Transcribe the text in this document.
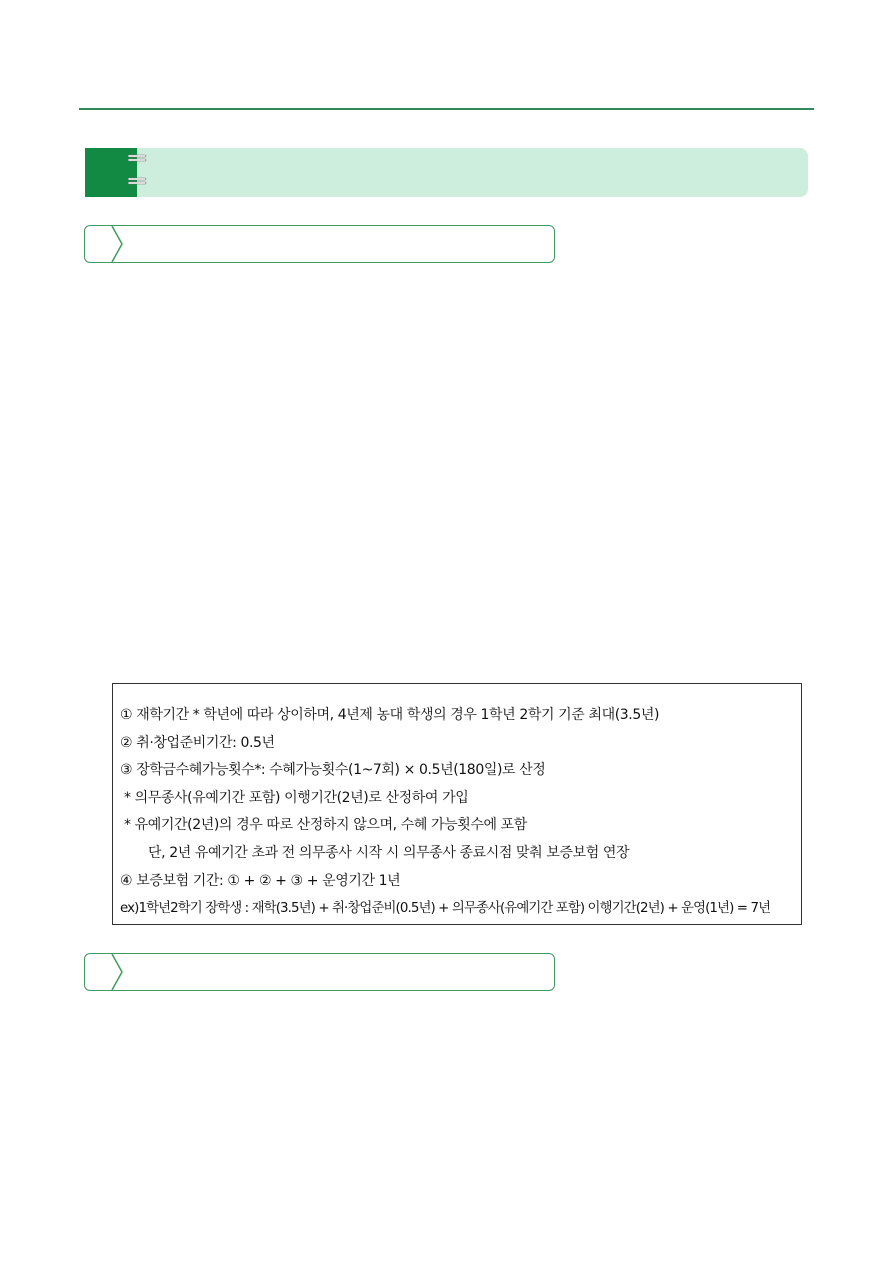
① 재학기간 * 학년에 따라 상이하며, 4년제 농대 학생의 경우 1학년 2학기 기준 최대(3.5년)
② 취·창업준비기간: 0.5년
③ 장학금수혜가능횟수*: 수혜가능횟수(1~7회) × 0.5년(180일)로 산정
* 의무종사(유예기간 포함) 이행기간(2년)로 산정하여 가입
* 유예기간(2년)의 경우 따로 산정하지 않으며, 수혜 가능횟수에 포함
단, 2년 유예기간 초과 전 의무종사 시작 시 의무종사 종료시점 맞춰 보증보험 연장
④ 보증보험 기간: ① + ② + ③ + 운영기간 1년
ex)1학년2학기 장학생 : 재학(3.5년) + 취·창업준비(0.5년) + 의무종사(유예기간 포함) 이행기간(2년) + 운영(1년) = 7년
